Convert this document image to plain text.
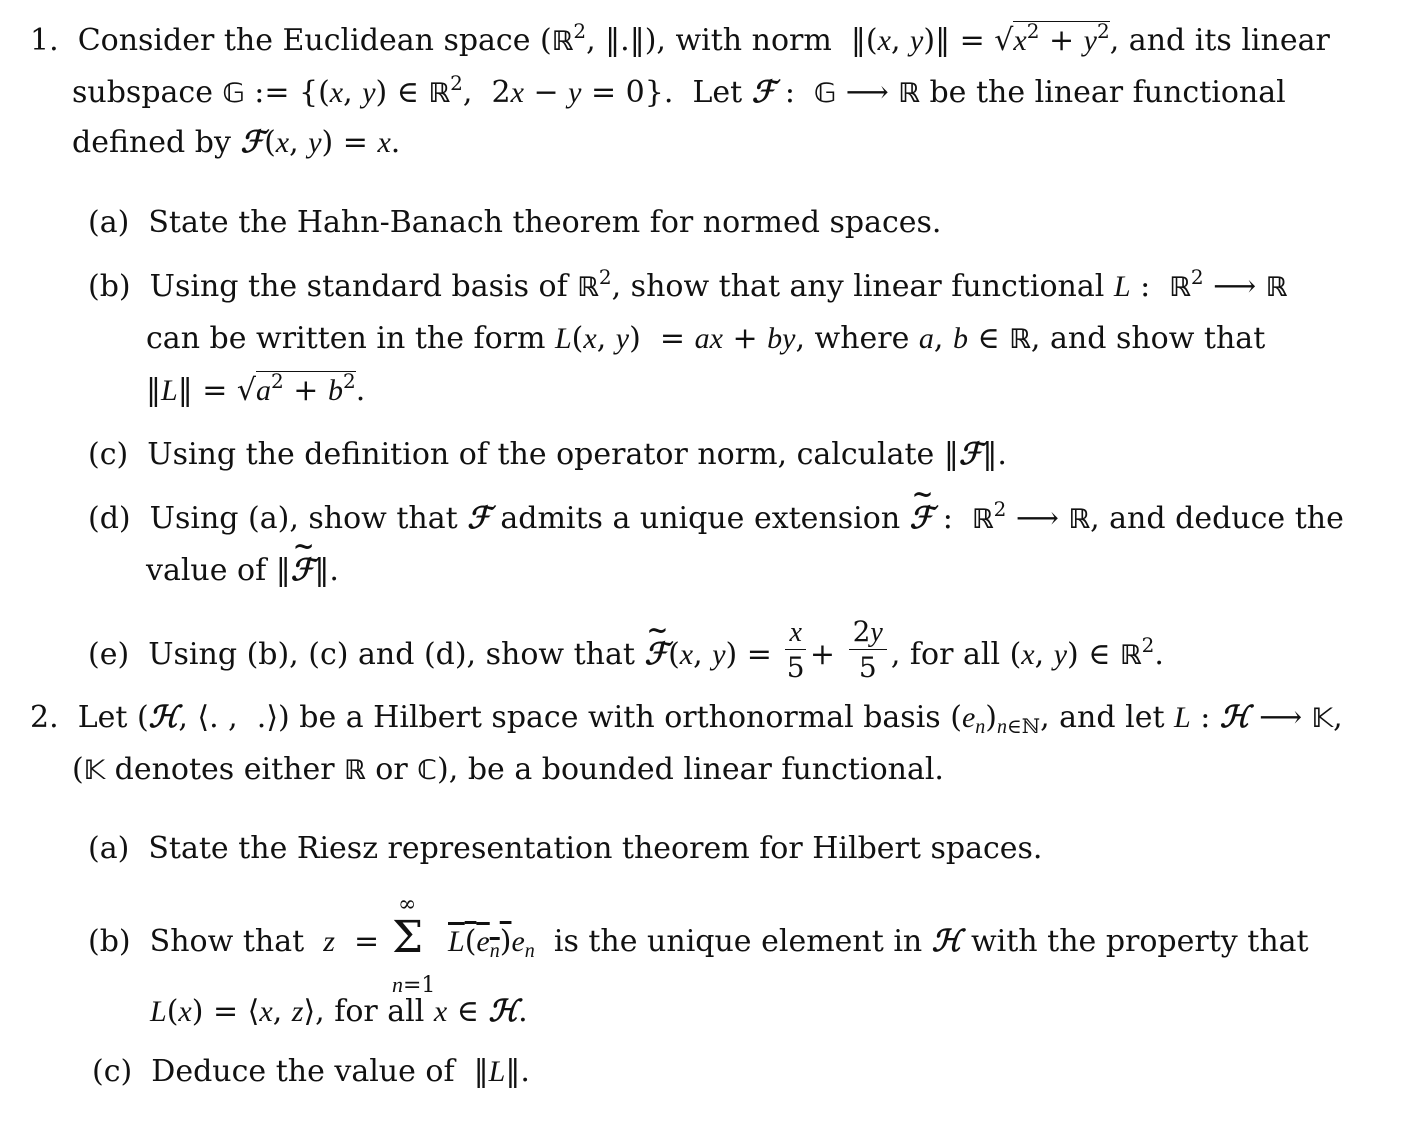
1.  Consider the Euclidean space (ℝ$^2$, ‖.‖), with norm  ‖(x, y)‖ = $√x^2 + y^2$, and its linear
subspace 𝔾 := {(x, y) ∈ ℝ$^2$,  2x − y = 0}.  Let ℱ :  𝔾 ⟶ ℝ be the linear functional
defined by ℱ(x, y) = x.
(a)  State the Hahn-Banach theorem for normed spaces.
(b)  Using the standard basis of ℝ$^2$, show that any linear functional L :  ℝ$^2$ ⟶ ℝ
can be written in the form L(x, y)  = ax + by, where a, b ∈ ℝ, and show that
‖L‖ = $√a^2 + b^2$.
(c)  Using the definition of the operator norm, calculate ‖ℱ‖.
(d)  Using (a), show that ℱ admits a unique extension ~ ℱ :  ℝ$^2$ ⟶ ℝ, and deduce the
value of ‖~ ℱ‖.
(e)  Using (b), (c) and (d), show that ~ ℱ(x, $y) = \frac{x}{5} + \frac{2y}{5}$ , for all (x, y) ∈ ℝ$^2$.
2.  Let (ℋ, ⟨. ,  .⟩) be a Hilbert space with orthonormal basis $(e_n)_{n\in ℕ}$, and let L : ℋ ⟶ 𝕂,
(𝕂 denotes either ℝ or ℂ), be a bounded linear functional.
(a)  State the Riesz representation theorem for Hilbert spaces.
(b)  Show that  z  =
∞
Σ
n=1
$L(e_n)e_n$  is the unique element in ℋ with the property that
L(x) = ⟨x, z⟩, for all x ∈ ℋ.
(c)  Deduce the value of  ‖L‖.
